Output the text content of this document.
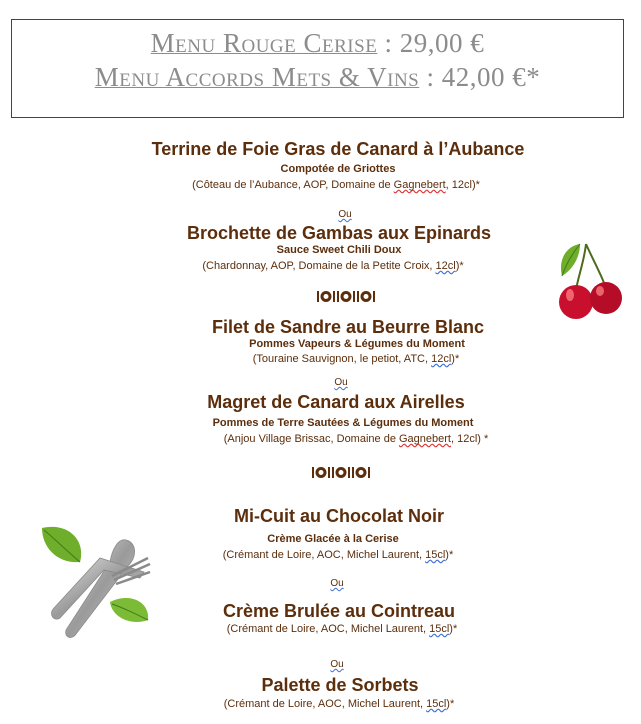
Menu Rouge Cerise : 29,00 €
Menu Accords Mets & Vins : 42,00 €*
Terrine de Foie Gras de Canard à l’Aubance
Compotée de Griottes
(Côteau de l’Aubance, AOP, Domaine de Gagnebert, 12cl)*
Ou
Brochette de Gambas aux Epinards
Sauce Sweet Chili Doux
(Chardonnay, AOP, Domaine de la Petite Croix, 12cl)*
Filet de Sandre au Beurre Blanc
Pommes Vapeurs & Légumes du Moment
(Touraine Sauvignon, le petiot, ATC, 12cl)*
Ou
Magret de Canard aux Airelles
Pommes de Terre Sautées & Légumes du Moment
(Anjou Village Brissac, Domaine de Gagnebert, 12cl) *
Mi-Cuit au Chocolat Noir
Crème Glacée à la Cerise
(Crémant de Loire, AOC, Michel Laurent, 15cl)*
Ou
Crème Brulée au Cointreau
(Crémant de Loire, AOC, Michel Laurent, 15cl)*
Ou
Palette de Sorbets
(Crémant de Loire, AOC, Michel Laurent, 15cl)*
